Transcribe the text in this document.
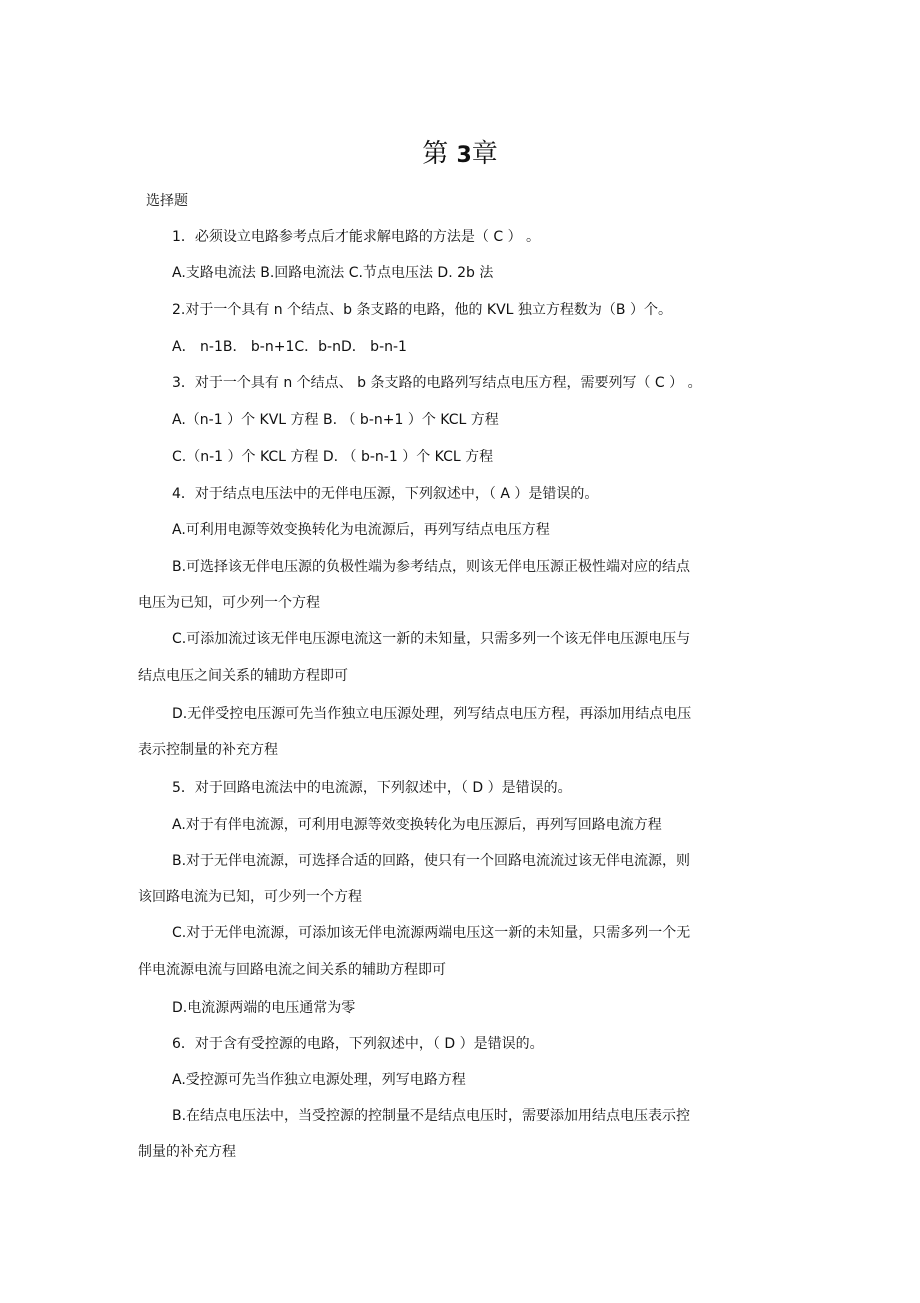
第 3章
选择题
1．必须设立电路参考点后才能求解电路的方法是（ C ） 。
A.支路电流法 B.回路电流法 C.节点电压法 D. 2b 法
2.对于一个具有 n 个结点、b 条支路的电路，他的 KVL 独立方程数为（B ）个。
A． n-1B． b-n+1C．b-nD． b-n-1
3．对于一个具有 n 个结点、 b 条支路的电路列写结点电压方程，需要列写（ C ） 。
A.（n-1 ）个 KVL 方程 B. （ b-n+1 ）个 KCL 方程
C.（n-1 ）个 KCL 方程 D. （ b-n-1 ）个 KCL 方程
4．对于结点电压法中的无伴电压源，下列叙述中，（ A ）是错误的。
A.可利用电源等效变换转化为电流源后，再列写结点电压方程
B.可选择该无伴电压源的负极性端为参考结点，则该无伴电压源正极性端对应的结点
电压为已知，可少列一个方程
C.可添加流过该无伴电压源电流这一新的未知量，只需多列一个该无伴电压源电压与
结点电压之间关系的辅助方程即可
D.无伴受控电压源可先当作独立电压源处理，列写结点电压方程，再添加用结点电压
表示控制量的补充方程
5．对于回路电流法中的电流源，下列叙述中，（ D ）是错误的。
A.对于有伴电流源，可利用电源等效变换转化为电压源后，再列写回路电流方程
B.对于无伴电流源，可选择合适的回路，使只有一个回路电流流过该无伴电流源，则
该回路电流为已知，可少列一个方程
C.对于无伴电流源，可添加该无伴电流源两端电压这一新的未知量，只需多列一个无
伴电流源电流与回路电流之间关系的辅助方程即可
D.电流源两端的电压通常为零
6．对于含有受控源的电路，下列叙述中，（ D ）是错误的。
A.受控源可先当作独立电源处理，列写电路方程
B.在结点电压法中，当受控源的控制量不是结点电压时，需要添加用结点电压表示控
制量的补充方程
